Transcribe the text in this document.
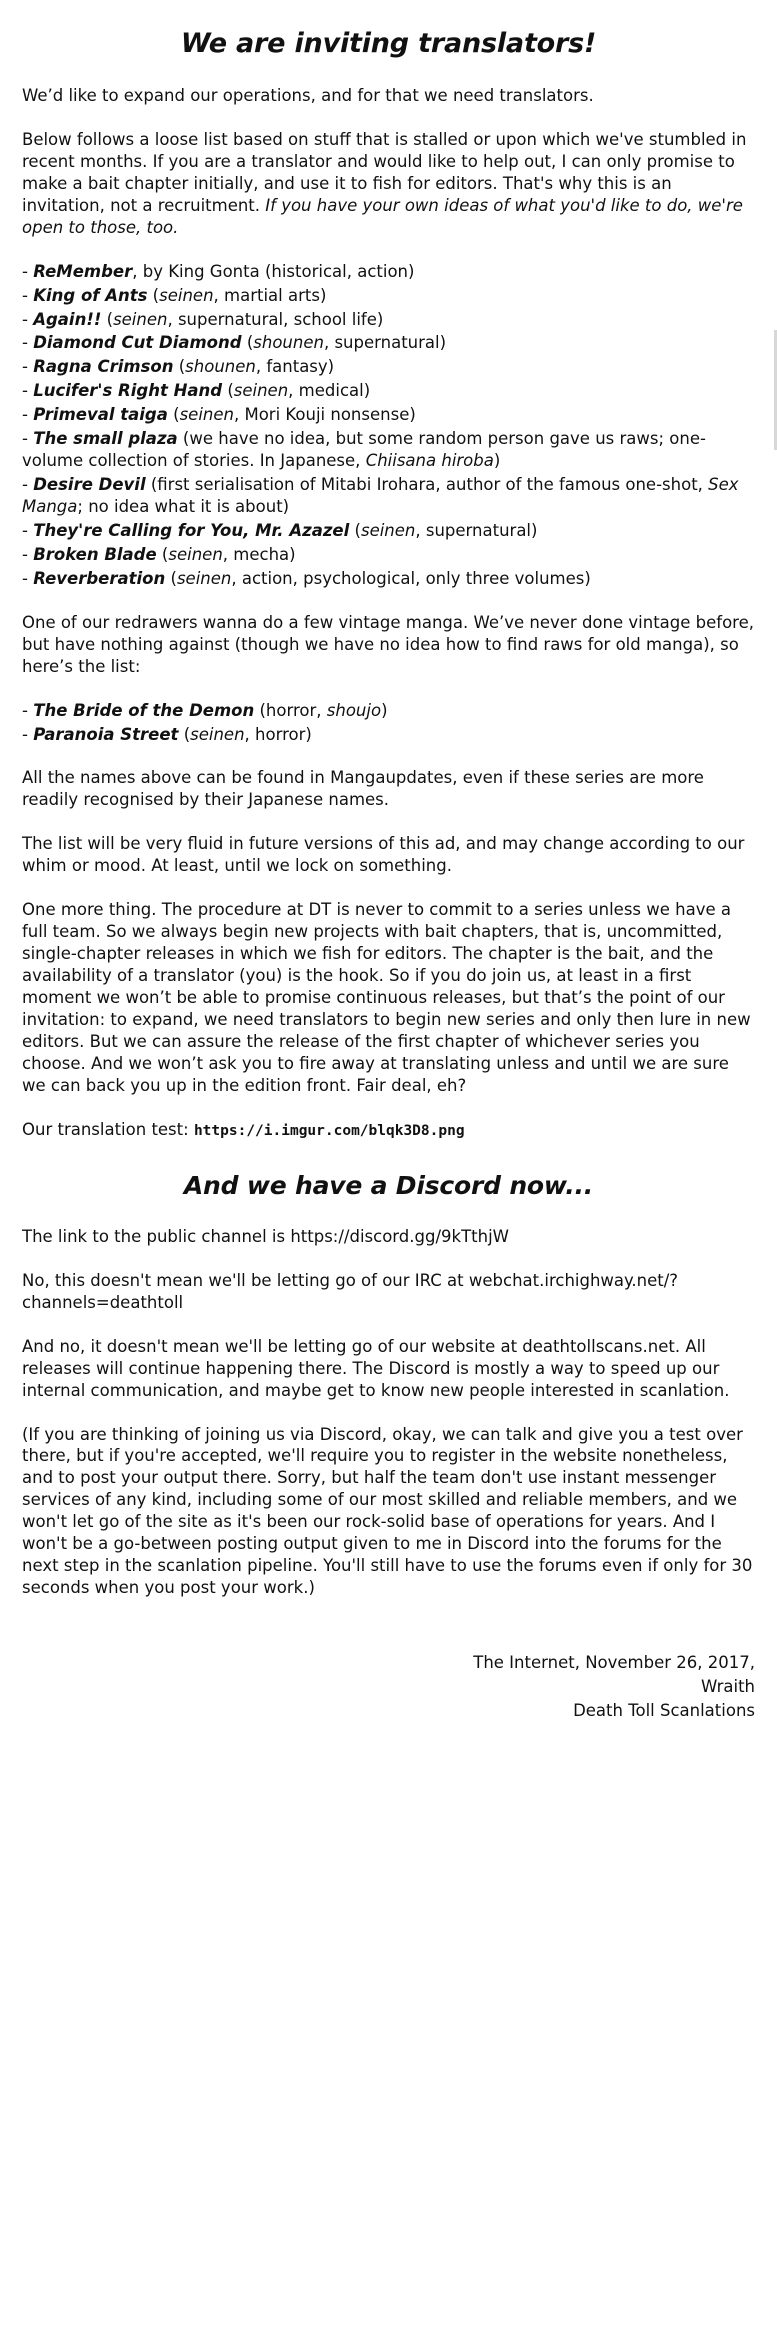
We are inviting translators!

We’d like to expand our operations, and for that we need translators.

Below follows a loose list based on stuff that is stalled or upon which we've stumbled in recent months. If you are a translator and would like to help out, I can only promise to make a bait chapter initially, and use it to fish for editors. That's why this is an invitation, not a recruitment. If you have your own ideas of what you'd like to do, we're open to those, too.

- ReMember, by King Gonta (historical, action)
- King of Ants (seinen, martial arts)
- Again!! (seinen, supernatural, school life)
- Diamond Cut Diamond (shounen, supernatural)
- Ragna Crimson (shounen, fantasy)
- Lucifer's Right Hand (seinen, medical)
- Primeval taiga (seinen, Mori Kouji nonsense)
- The small plaza (we have no idea, but some random person gave us raws; one-volume collection of stories. In Japanese, Chiisana hiroba)
- Desire Devil (first serialisation of Mitabi Irohara, author of the famous one-shot, Sex Manga; no idea what it is about)
- They're Calling for You, Mr. Azazel (seinen, supernatural)
- Broken Blade (seinen, mecha)
- Reverberation (seinen, action, psychological, only three volumes)

One of our redrawers wanna do a few vintage manga. We’ve never done vintage before, but have nothing against (though we have no idea how to find raws for old manga), so here’s the list:

- The Bride of the Demon (horror, shoujo)
- Paranoia Street (seinen, horror)

All the names above can be found in Mangaupdates, even if these series are more readily recognised by their Japanese names.

The list will be very fluid in future versions of this ad, and may change according to our whim or mood. At least, until we lock on something.

One more thing. The procedure at DT is never to commit to a series unless we have a full team. So we always begin new projects with bait chapters, that is, uncommitted, single-chapter releases in which we fish for editors. The chapter is the bait, and the availability of a translator (you) is the hook. So if you do join us, at least in a first moment we won’t be able to promise continuous releases, but that’s the point of our invitation: to expand, we need translators to begin new series and only then lure in new editors. But we can assure the release of the first chapter of whichever series you choose. And we won’t ask you to fire away at translating unless and until we are sure we can back you up in the edition front. Fair deal, eh?

Our translation test: https://i.imgur.com/blqk3D8.png

And we have a Discord now...

The link to the public channel is https://discord.gg/9kTthjW

No, this doesn't mean we'll be letting go of our IRC at webchat.irchighway.net/?channels=deathtoll

And no, it doesn't mean we'll be letting go of our website at deathtollscans.net. All releases will continue happening there. The Discord is mostly a way to speed up our internal communication, and maybe get to know new people interested in scanlation.

(If you are thinking of joining us via Discord, okay, we can talk and give you a test over there, but if you're accepted, we'll require you to register in the website nonetheless, and to post your output there. Sorry, but half the team don't use instant messenger services of any kind, including some of our most skilled and reliable members, and we won't let go of the site as it's been our rock-solid base of operations for years. And I won't be a go-between posting output given to me in Discord into the forums for the next step in the scanlation pipeline. You'll still have to use the forums even if only for 30 seconds when you post your work.)

The Internet, November 26, 2017,
Wraith
Death Toll Scanlations
